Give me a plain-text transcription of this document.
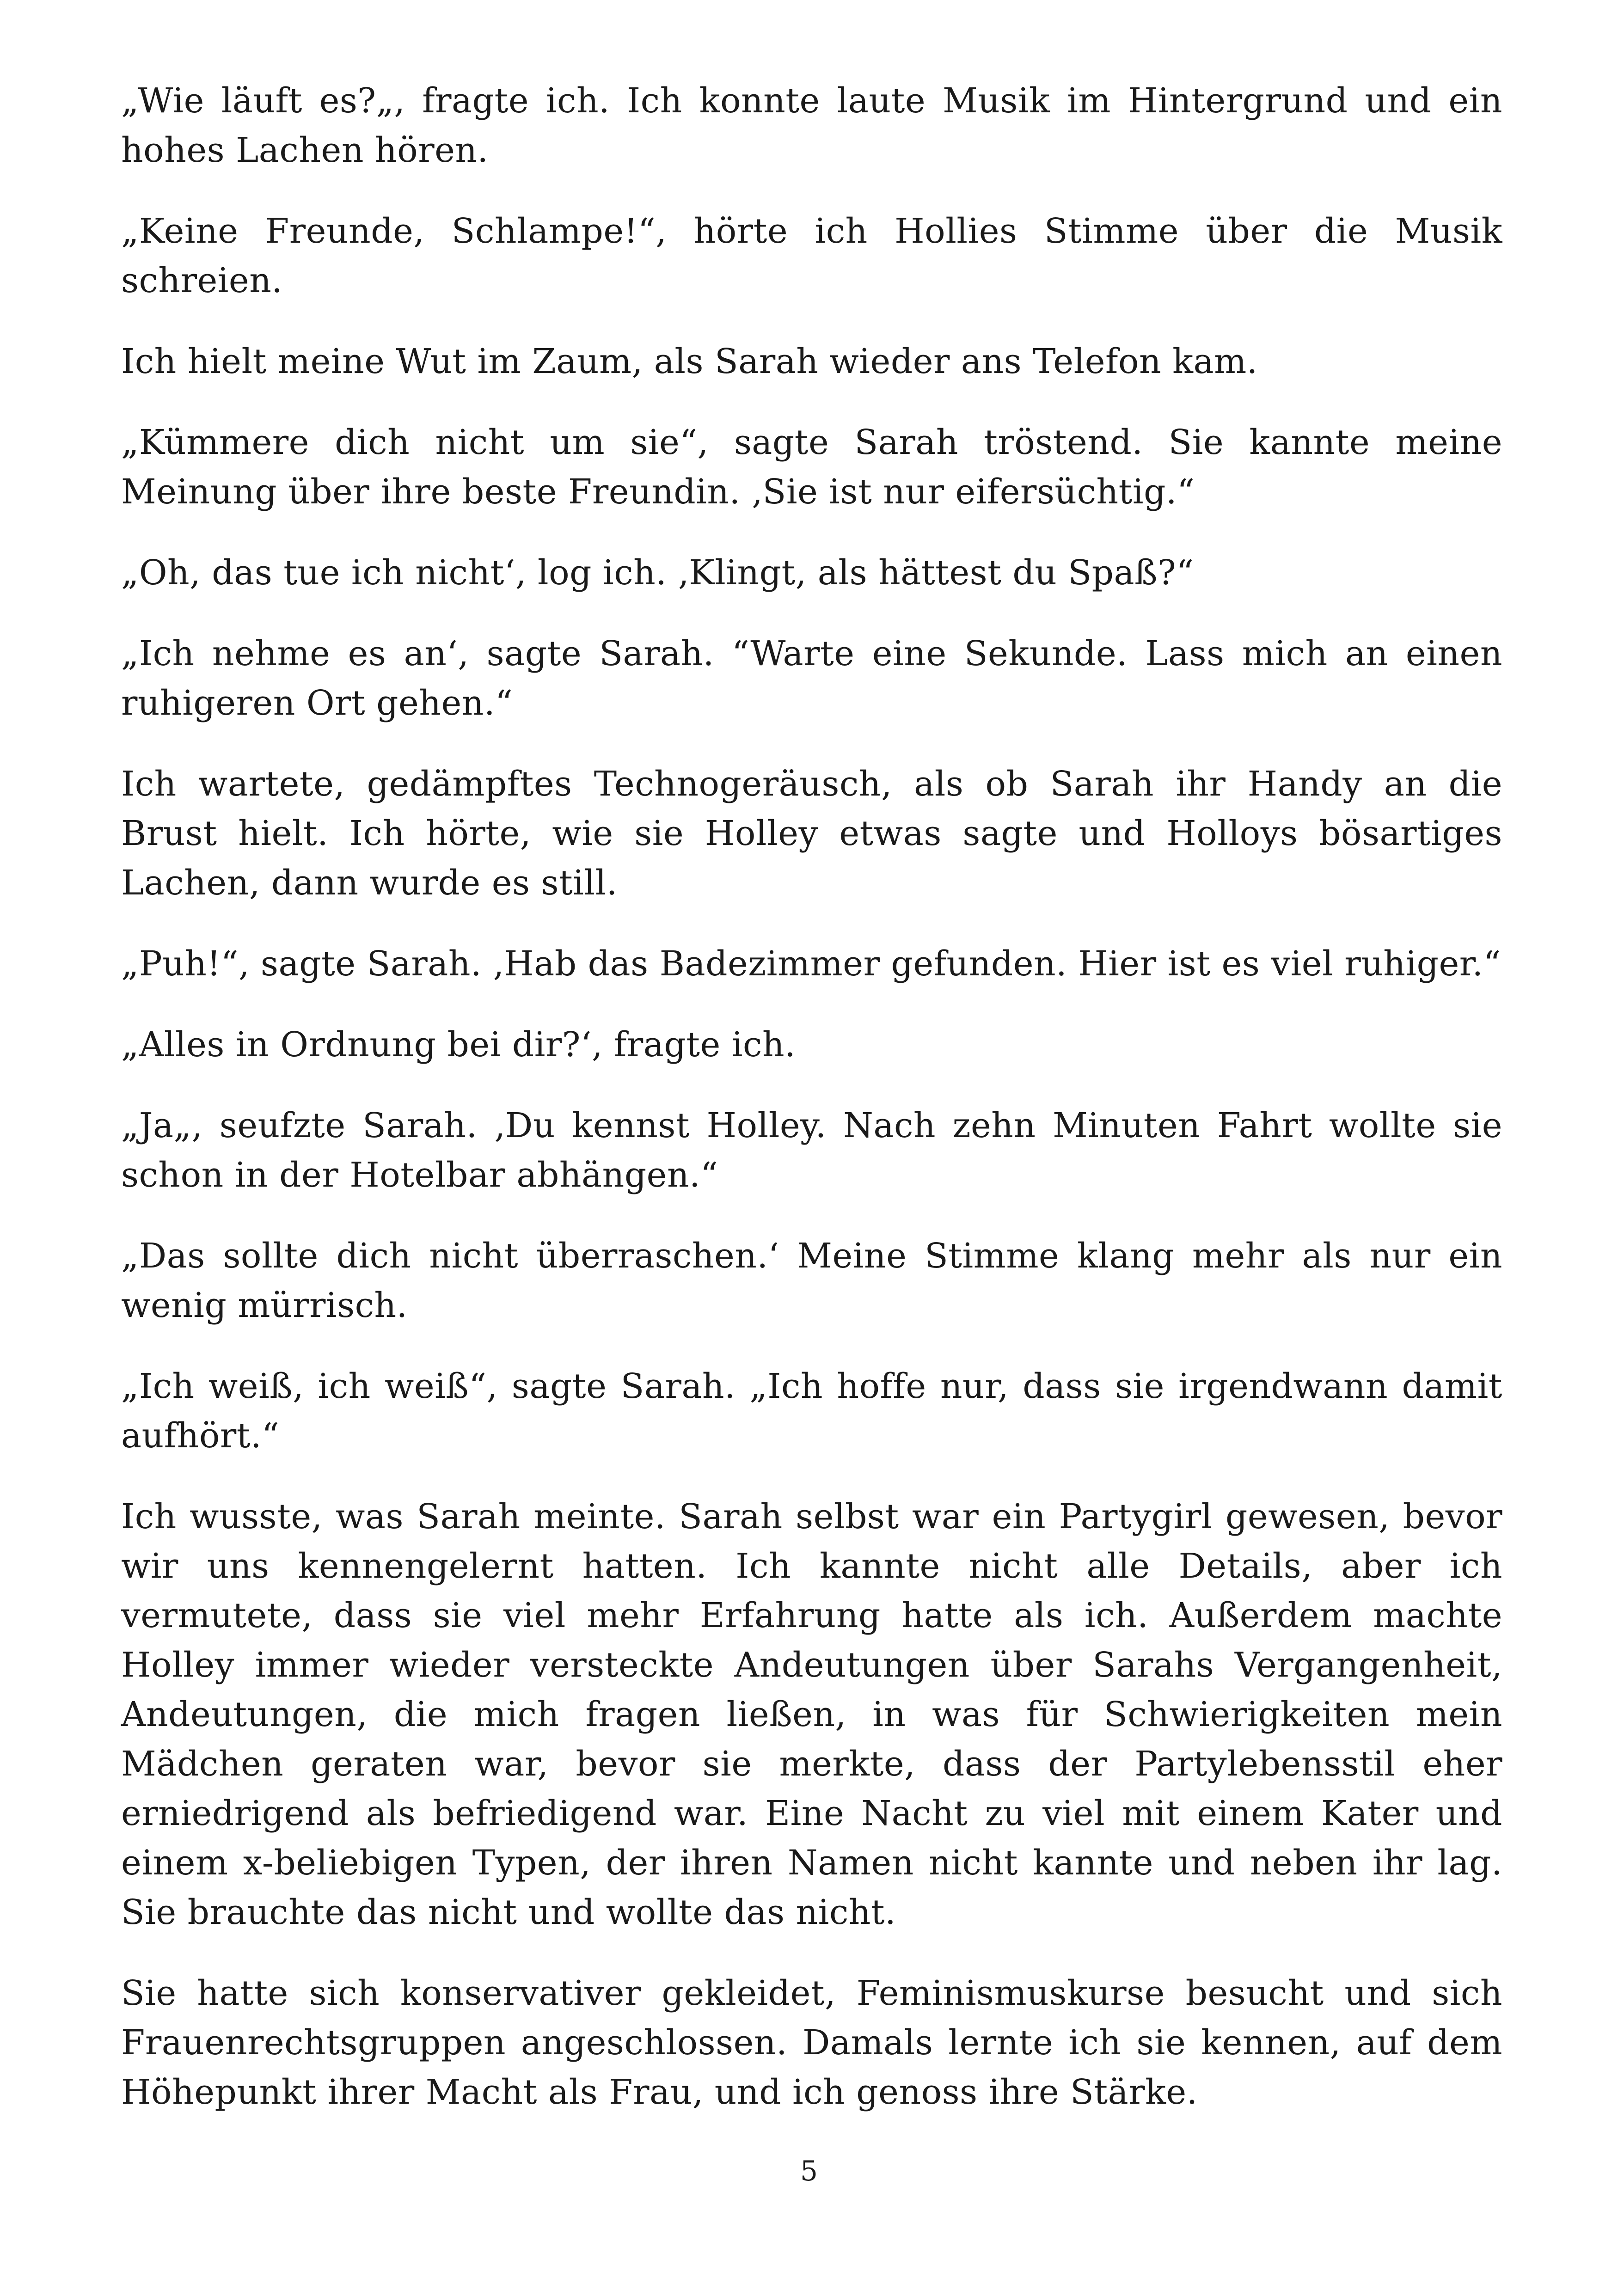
„Wie läuft es?„, fragte ich. Ich konnte laute Musik im Hintergrund und ein hohes Lachen hören.

„Keine Freunde, Schlampe!“, hörte ich Hollies Stimme über die Musik schreien.

Ich hielt meine Wut im Zaum, als Sarah wieder ans Telefon kam.

„Kümmere dich nicht um sie“, sagte Sarah tröstend. Sie kannte meine Meinung über ihre beste Freundin. ‚Sie ist nur eifersüchtig.“

„Oh, das tue ich nicht‘, log ich. ‚Klingt, als hättest du Spaß?“

„Ich nehme es an‘, sagte Sarah. “Warte eine Sekunde. Lass mich an einen ruhigeren Ort gehen.“

Ich wartete, gedämpftes Technogeräusch, als ob Sarah ihr Handy an die Brust hielt. Ich hörte, wie sie Holley etwas sagte und Holloys bösartiges Lachen, dann wurde es still.

„Puh!“, sagte Sarah. ‚Hab das Badezimmer gefunden. Hier ist es viel ruhiger.“

„Alles in Ordnung bei dir?‘, fragte ich.

„Ja„, seufzte Sarah. ‚Du kennst Holley. Nach zehn Minuten Fahrt wollte sie schon in der Hotelbar abhängen.“

„Das sollte dich nicht überraschen.‘ Meine Stimme klang mehr als nur ein wenig mürrisch.

„Ich weiß, ich weiß“, sagte Sarah. „Ich hoffe nur, dass sie irgendwann damit aufhört.“

Ich wusste, was Sarah meinte. Sarah selbst war ein Partygirl gewesen, bevor wir uns kennengelernt hatten. Ich kannte nicht alle Details, aber ich vermutete, dass sie viel mehr Erfahrung hatte als ich. Außerdem machte Holley immer wieder versteckte Andeutungen über Sarahs Vergangenheit, Andeutungen, die mich fragen ließen, in was für Schwierigkeiten mein Mädchen geraten war, bevor sie merkte, dass der Partylebensstil eher erniedrigend als befriedigend war. Eine Nacht zu viel mit einem Kater und einem x-beliebigen Typen, der ihren Namen nicht kannte und neben ihr lag. Sie brauchte das nicht und wollte das nicht.

Sie hatte sich konservativer gekleidet, Feminismuskurse besucht und sich Frauenrechtsgruppen angeschlossen. Damals lernte ich sie kennen, auf dem Höhepunkt ihrer Macht als Frau, und ich genoss ihre Stärke.

5
